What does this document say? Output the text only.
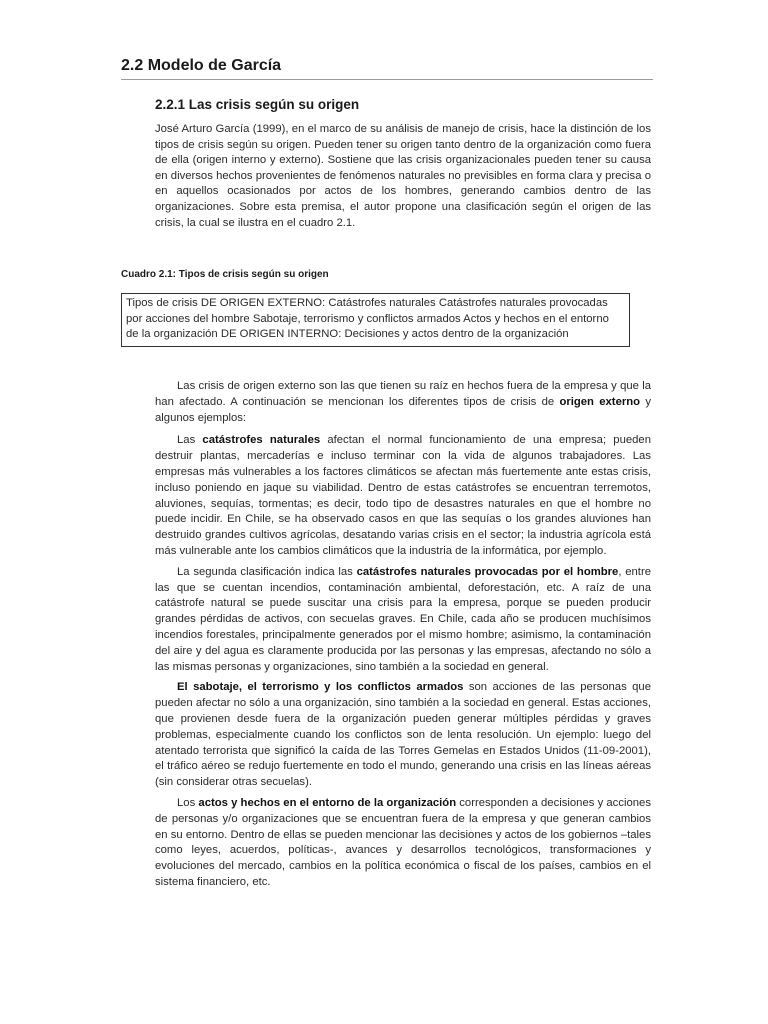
2.2 Modelo de García
2.2.1 Las crisis según su origen

José Arturo García (1999), en el marco de su análisis de manejo de crisis, hace la distinción de los tipos de crisis según su origen. Pueden tener su origen tanto dentro de la organización como fuera de ella (origen interno y externo). Sostiene que las crisis organizacionales pueden tener su causa en diversos hechos provenientes de fenómenos naturales no previsibles en forma clara y precisa o en aquellos ocasionados por actos de los hombres, generando cambios dentro de las organizaciones. Sobre esta premisa, el autor propone una clasificación según el origen de las crisis, la cual se ilustra en el cuadro 2.1.

Cuadro 2.1: Tipos de crisis según su origen

Tipos de crisis DE ORIGEN EXTERNO: Catástrofes naturales Catástrofes naturales provocadas por acciones del hombre Sabotaje, terrorismo y conflictos armados Actos y hechos en el entorno de la organización DE ORIGEN INTERNO: Decisiones y actos dentro de la organización

Las crisis de origen externo son las que tienen su raíz en hechos fuera de la empresa y que la han afectado. A continuación se mencionan los diferentes tipos de crisis de origen externo y algunos ejemplos:

Las catástrofes naturales afectan el normal funcionamiento de una empresa; pueden destruir plantas, mercaderías e incluso terminar con la vida de algunos trabajadores. Las empresas más vulnerables a los factores climáticos se afectan más fuertemente ante estas crisis, incluso poniendo en jaque su viabilidad. Dentro de estas catástrofes se encuentran terremotos, aluviones, sequías, tormentas; es decir, todo tipo de desastres naturales en que el hombre no puede incidir. En Chile, se ha observado casos en que las sequías o los grandes aluviones han destruido grandes cultivos agrícolas, desatando varias crisis en el sector; la industria agrícola está más vulnerable ante los cambios climáticos que la industria de la informática, por ejemplo.

La segunda clasificación indica las catástrofes naturales provocadas por el hombre, entre las que se cuentan incendios, contaminación ambiental, deforestación, etc. A raíz de una catástrofe natural se puede suscitar una crisis para la empresa, porque se pueden producir grandes pérdidas de activos, con secuelas graves. En Chile, cada año se producen muchísimos incendios forestales, principalmente generados por el mismo hombre; asimismo, la contaminación del aire y del agua es claramente producida por las personas y las empresas, afectando no sólo a las mismas personas y organizaciones, sino también a la sociedad en general.

El sabotaje, el terrorismo y los conflictos armados son acciones de las personas que pueden afectar no sólo a una organización, sino también a la sociedad en general. Estas acciones, que provienen desde fuera de la organización pueden generar múltiples pérdidas y graves problemas, especialmente cuando los conflictos son de lenta resolución. Un ejemplo: luego del atentado terrorista que significó la caída de las Torres Gemelas en Estados Unidos (11-09-2001), el tráfico aéreo se redujo fuertemente en todo el mundo, generando una crisis en las líneas aéreas (sin considerar otras secuelas).

Los actos y hechos en el entorno de la organización corresponden a decisiones y acciones de personas y/o organizaciones que se encuentran fuera de la empresa y que generan cambios en su entorno. Dentro de ellas se pueden mencionar las decisiones y actos de los gobiernos –tales como leyes, acuerdos, políticas-, avances y desarrollos tecnológicos, transformaciones y evoluciones del mercado, cambios en la política económica o fiscal de los países, cambios en el sistema financiero, etc.
